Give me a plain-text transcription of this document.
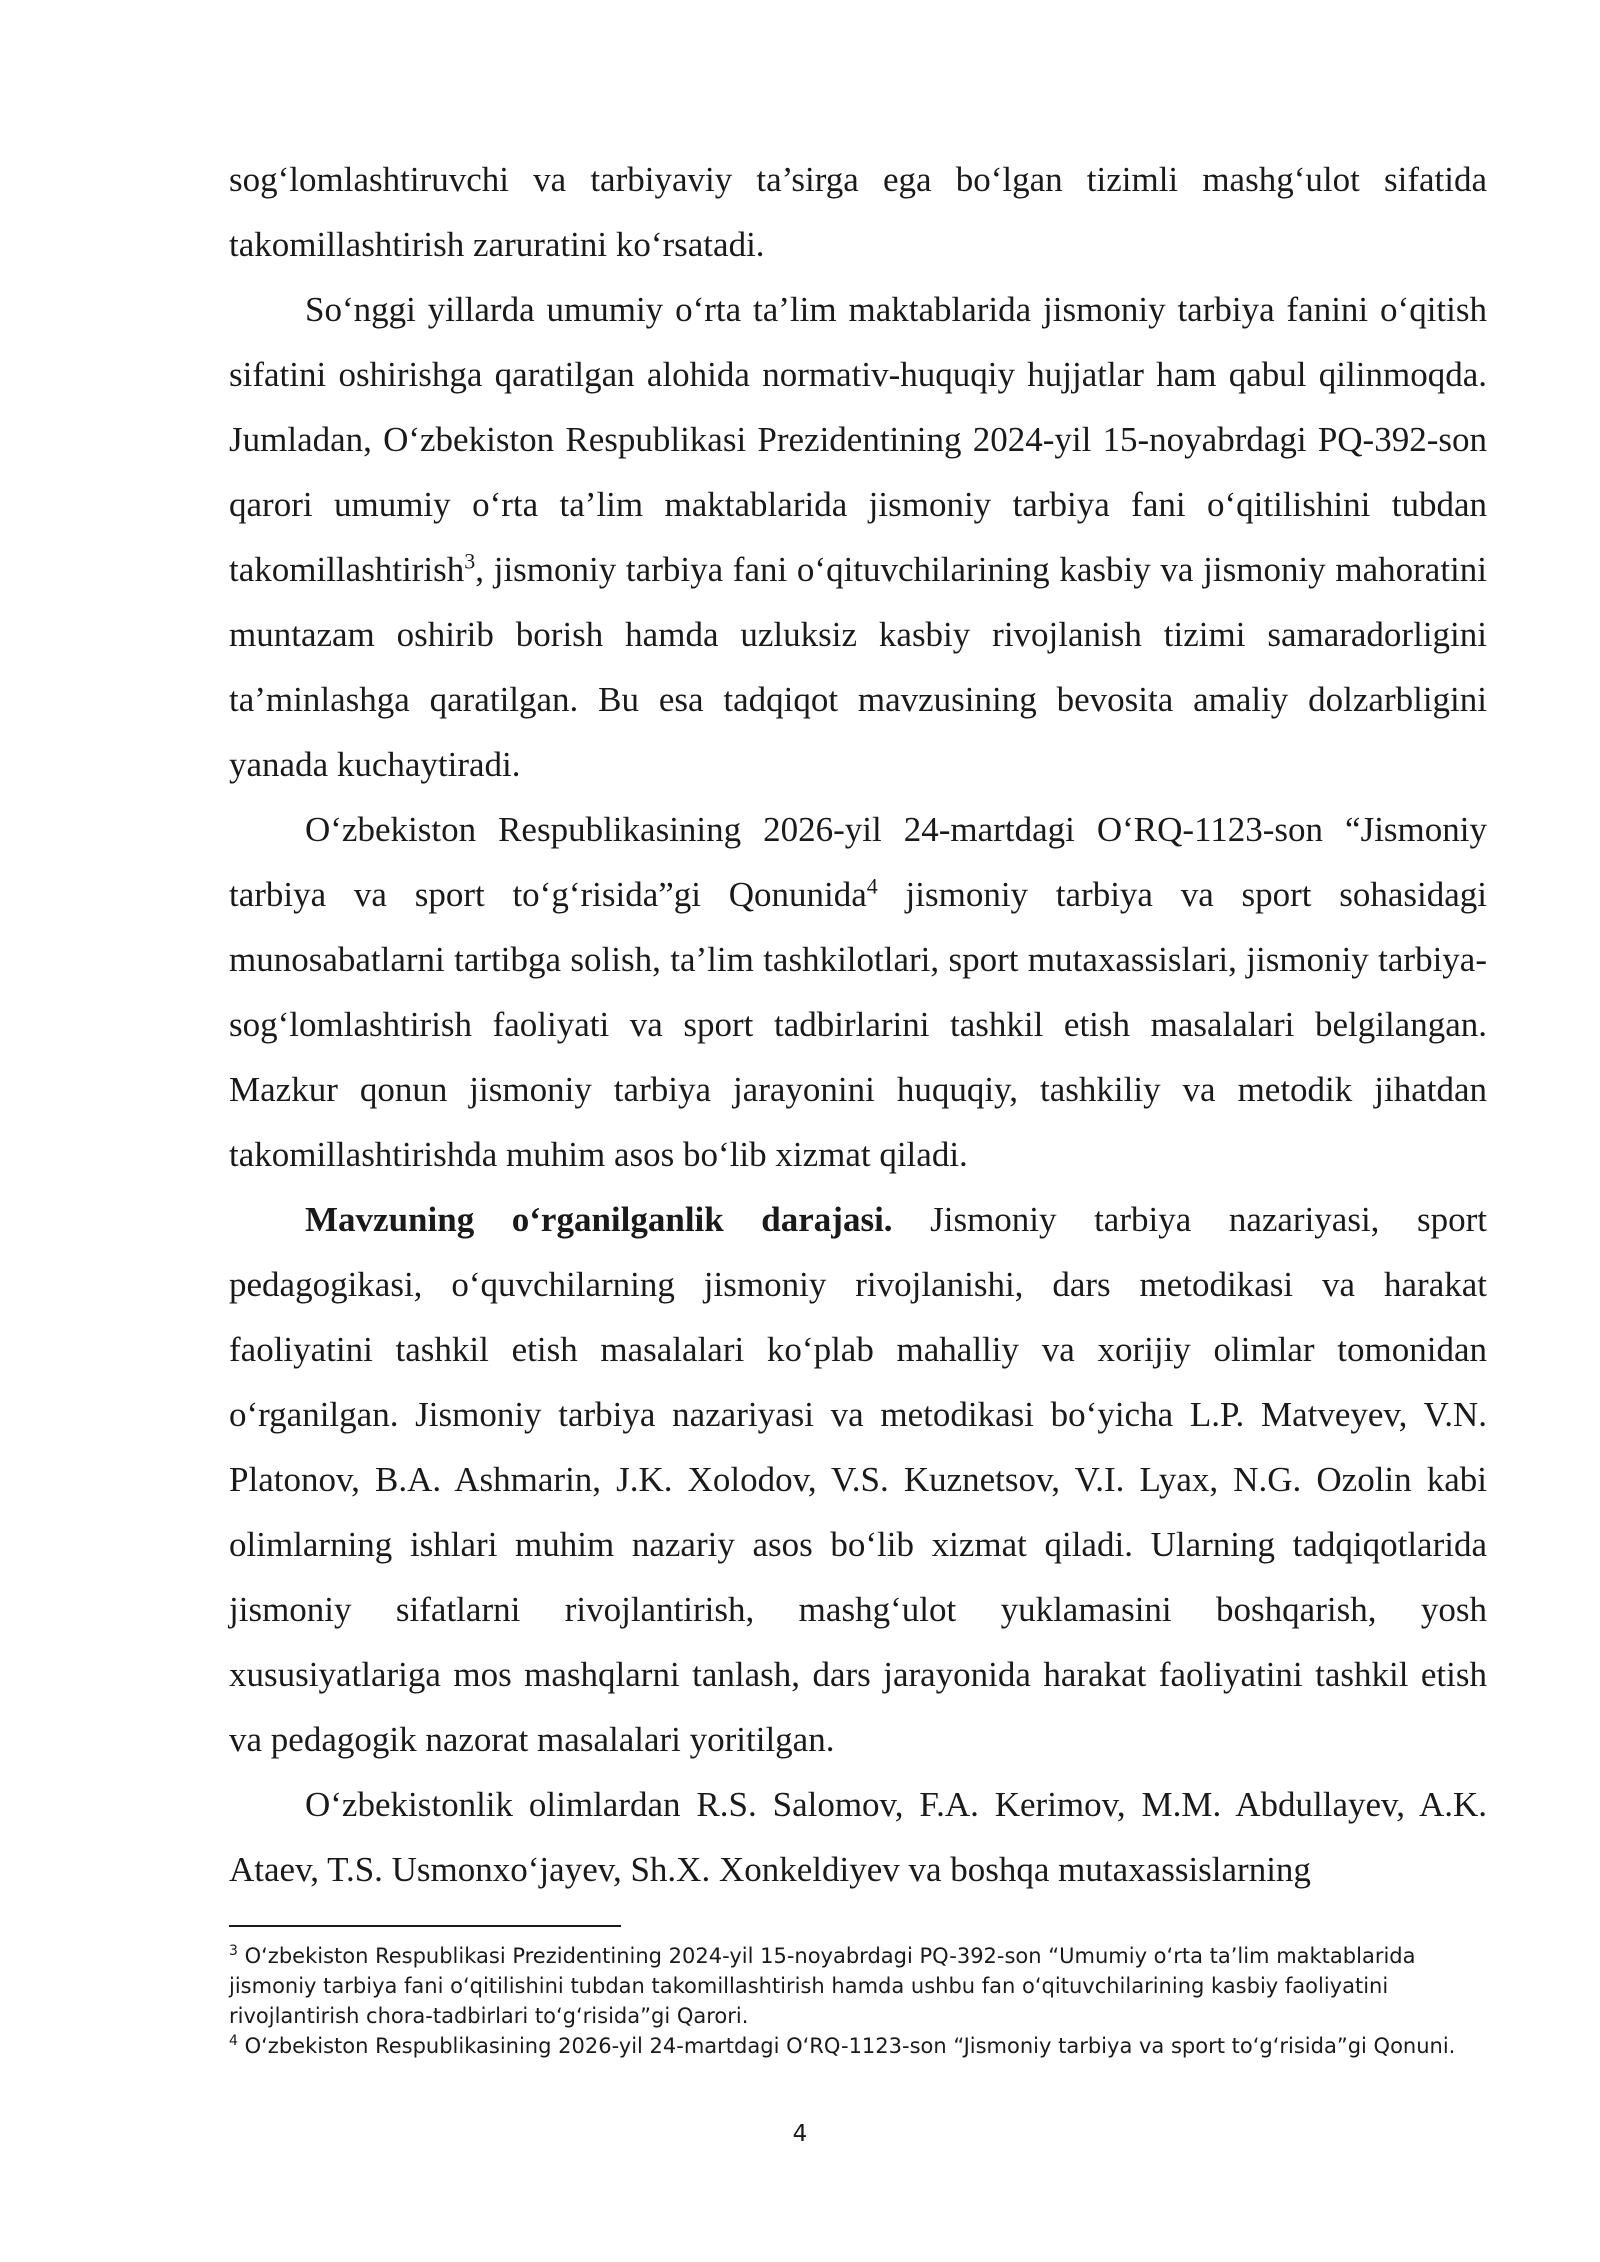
sog‘lomlashtiruvchi va tarbiyaviy ta’sirga ega bo‘lgan tizimli mashg‘ulot sifatida takomillashtirish zaruratini ko‘rsatadi.

So‘nggi yillarda umumiy o‘rta ta’lim maktablarida jismoniy tarbiya fanini o‘qitish sifatini oshirishga qaratilgan alohida normativ-huquqiy hujjatlar ham qabul qilinmoqda. Jumladan, O‘zbekiston Respublikasi Prezidentining 2024-yil 15-noyabrdagi PQ-392-son qarori umumiy o‘rta ta’lim maktablarida jismoniy tarbiya fani o‘qitilishini tubdan takomillashtirish$^3$, jismoniy tarbiya fani o‘qituvchilarining kasbiy va jismoniy mahoratini muntazam oshirib borish hamda uzluksiz kasbiy rivojlanish tizimi samaradorligini ta’minlashga qaratilgan. Bu esa tadqiqot mavzusining bevosita amaliy dolzarbligini yanada kuchaytiradi.

O‘zbekiston Respublikasining 2026-yil 24-martdagi O‘RQ-1123-son “Jismoniy tarbiya va sport to‘g‘risida”gi Qonunida$^4$ jismoniy tarbiya va sport sohasidagi munosabatlarni tartibga solish, ta’lim tashkilotlari, sport mutaxassislari, jismoniy tarbiya-sog‘lomlashtirish faoliyati va sport tadbirlarini tashkil etish masalalari belgilangan. Mazkur qonun jismoniy tarbiya jarayonini huquqiy, tashkiliy va metodik jihatdan takomillashtirishda muhim asos bo‘lib xizmat qiladi.

Mavzuning o‘rganilganlik darajasi. Jismoniy tarbiya nazariyasi, sport pedagogikasi, o‘quvchilarning jismoniy rivojlanishi, dars metodikasi va harakat faoliyatini tashkil etish masalalari ko‘plab mahalliy va xorijiy olimlar tomonidan o‘rganilgan. Jismoniy tarbiya nazariyasi va metodikasi bo‘yicha L.P. Matveyev, V.N. Platonov, B.A. Ashmarin, J.K. Xolodov, V.S. Kuznetsov, V.I. Lyax, N.G. Ozolin kabi olimlarning ishlari muhim nazariy asos bo‘lib xizmat qiladi. Ularning tadqiqotlarida jismoniy sifatlarni rivojlantirish, mashg‘ulot yuklamasini boshqarish, yosh xususiyatlariga mos mashqlarni tanlash, dars jarayonida harakat faoliyatini tashkil etish va pedagogik nazorat masalalari yoritilgan.

O‘zbekistonlik olimlardan R.S. Salomov, F.A. Kerimov, M.M. Abdullayev, A.K. Ataev, T.S. Usmonxo‘jayev, Sh.X. Xonkeldiyev va boshqa mutaxassislarning

$^3$ O‘zbekiston Respublikasi Prezidentining 2024-yil 15-noyabrdagi PQ-392-son “Umumiy o‘rta ta’lim maktablarida jismoniy tarbiya fani o‘qitilishini tubdan takomillashtirish hamda ushbu fan o‘qituvchilarining kasbiy faoliyatini rivojlantirish chora-tadbirlari to‘g‘risida”gi Qarori.

$^4$ O‘zbekiston Respublikasining 2026-yil 24-martdagi O‘RQ-1123-son “Jismoniy tarbiya va sport to‘g‘risida”gi Qonuni.

4
